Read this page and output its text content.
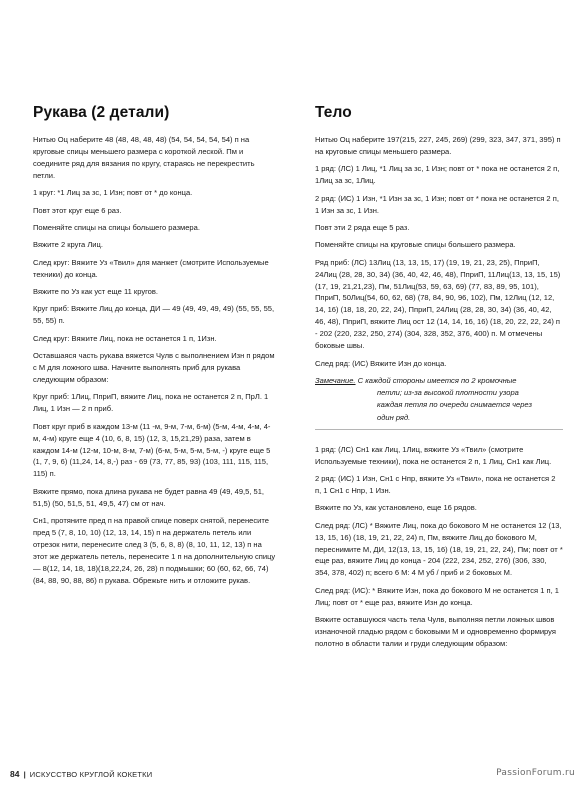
Рукава (2 детали)

Нитью Оц наберите 48 (48, 48, 48, 48) (54, 54, 54, 54, 54) п на круговые спицы меньшего размера с короткой леской. Пм и соедините ряд для вязания по кругу, стараясь не перекрестить петли.

1 круг: *1 Лиц за зс, 1 Изн; повт от * до конца.

Повт этот круг еще 6 раз.

Поменяйте спицы на спицы большего размера.

Вяжите 2 круга Лиц.

След круг: Вяжите Уз «Твил» для манжет (смотрите Используемые техники) до конца.

Вяжите по Уз как уст еще 11 кругов.

Круг приб: Вяжите Лиц до конца, ДИ — 49 (49, 49, 49, 49) (55, 55, 55, 55, 55) п.

След круг: Вяжите Лиц, пока не останется 1 п, 1Изн.

Оставшаяся часть рукава вяжется Чулв с выполнением Изн п рядом с М для ложного шва. Начните выполнять приб для рукава следующим образом:

Круг приб: 1Лиц, ПприП, вяжите Лиц, пока не останется 2 п, ПрЛ. 1 Лиц, 1 Изн — 2 п приб.

Повт круг приб в каждом 13-м (11 -м, 9-м, 7-м, 6-м) (5-м, 4-м, 4-м, 4-м, 4-м) круге еще 4 (10, 6, 8, 15) (12, 3, 15,21,29) раза, затем в каждом 14-м (12-м, 10-м, 8-м, 7-м) (6-м, 5-м, 5-м, 5-м, -) круге еще 5 (1, 7, 9, 6) (11,24, 14, 8,-) раз - 69 (73, 77, 85, 93) (103, 111, 115, 115, 115) п.

Вяжите прямо, пока длина рукава не будет равна 49 (49, 49,5, 51, 51,5) (50, 51,5, 51, 49,5, 47) см от нач.

Сн1, протяните пред п на правой спице поверх снятой, перенесите пред 5 (7, 8, 10, 10) (12, 13, 14, 15) п на держатель петель или отрезок нити, перенесите след 3 (5, 6, 8, 8) (8, 10, 11, 12, 13) п на этот же держатель петель, перенесите 1 п на дополнительную спицу — 8(12, 14, 18, 18)(18,22,24, 26, 28) п подмышки; 60 (60, 62, 66, 74) (84, 88, 90, 88, 86) п рукава. Обрежьте нить и отложите рукав.

Тело

Нитью Оц наберите 197(215, 227, 245, 269) (299, 323, 347, 371, 395) п на круговые спицы меньшего размера.

1 ряд: (ЛС) 1 Лиц, *1 Лиц за зс, 1 Изн; повт от * пока не останется 2 п, 1Лиц за зс, 1Лиц.

2 ряд: (ИС) 1 Изн, *1 Изн за зс, 1 Изн; повт от * пока не останется 2 п, 1 Изн за зс, 1 Изн.

Повт эти 2 ряда еще 5 раз.

Поменяйте спицы на круговые спицы большего размера.

Ряд приб: (ЛС) 13Лиц (13, 13, 15, 17) (19, 19, 21, 23, 25), ПприП, 24Лиц (28, 28, 30, 34) (36, 40, 42, 46, 48), ПприП, 11Лиц(13, 13, 15, 15) (17, 19, 21,21,23), Пм, 51Лиц(53, 59, 63, 69) (77, 83, 89, 95, 101), ПприП, 50Лиц(54, 60, 62, 68) (78, 84, 90, 96, 102), Пм, 12Лиц (12, 12, 14, 16) (18, 18, 20, 22, 24), ПприП, 24Лиц (28, 28, 30, 34) (36, 40, 42, 46, 48), ПприП, вяжите Лиц ост 12 (14, 14, 16, 16) (18, 20, 22, 22, 24) п - 202 (220, 232, 250, 274) (304, 328, 352, 376, 400) п. М отмечены боковые швы.

След ряд: (ИС) Вяжите Изн до конца.

Замечание. С каждой стороны имеется по 2 кромочные
петли; из-за высокой плотности узора
каждая петля по очереди снимается через
один ряд.

1 ряд: (ЛС) Сн1 как Лиц, 1Лиц, вяжите Уз «Твил» (смотрите Используемые техники), пока не останется 2 п, 1 Лиц, Сн1 как Лиц.

2 ряд: (ИС) 1 Изн, Сн1 с Нпр, вяжите Уз «Твил», пока не останется 2 п, 1 Сн1 с Нпр, 1 Изн.

Вяжите по Уз, как установлено, еще 16 рядов.

След ряд: (ЛС) * Вяжите Лиц, пока до бокового М не останется 12 (13, 13, 15, 16) (18, 19, 21, 22, 24) п, Пм, вяжите Лиц до бокового М, переснимите М, ДИ, 12(13, 13, 15, 16) (18, 19, 21, 22, 24), Пм; повт от * еще раз, вяжите Лиц до конца - 204 (222, 234, 252, 276) (306, 330, 354, 378, 402) п; всего 6 М: 4 М уб / приб и 2 боковых М.

След ряд: (ИС): * Вяжите Изн, пока до бокового М не останется 1 п, 1 Лиц; повт от * еще раз, вяжите Изн до конца.

Вяжите оставшуюся часть тела Чулв, выполняя петли ложных швов изнаночной гладью рядом с боковыми М и одновременно формируя полотно в области талии и груди следующим образом:

84 | ИСКУССТВО КРУГЛОЙ КОКЕТКИ	PassionForum.ru
